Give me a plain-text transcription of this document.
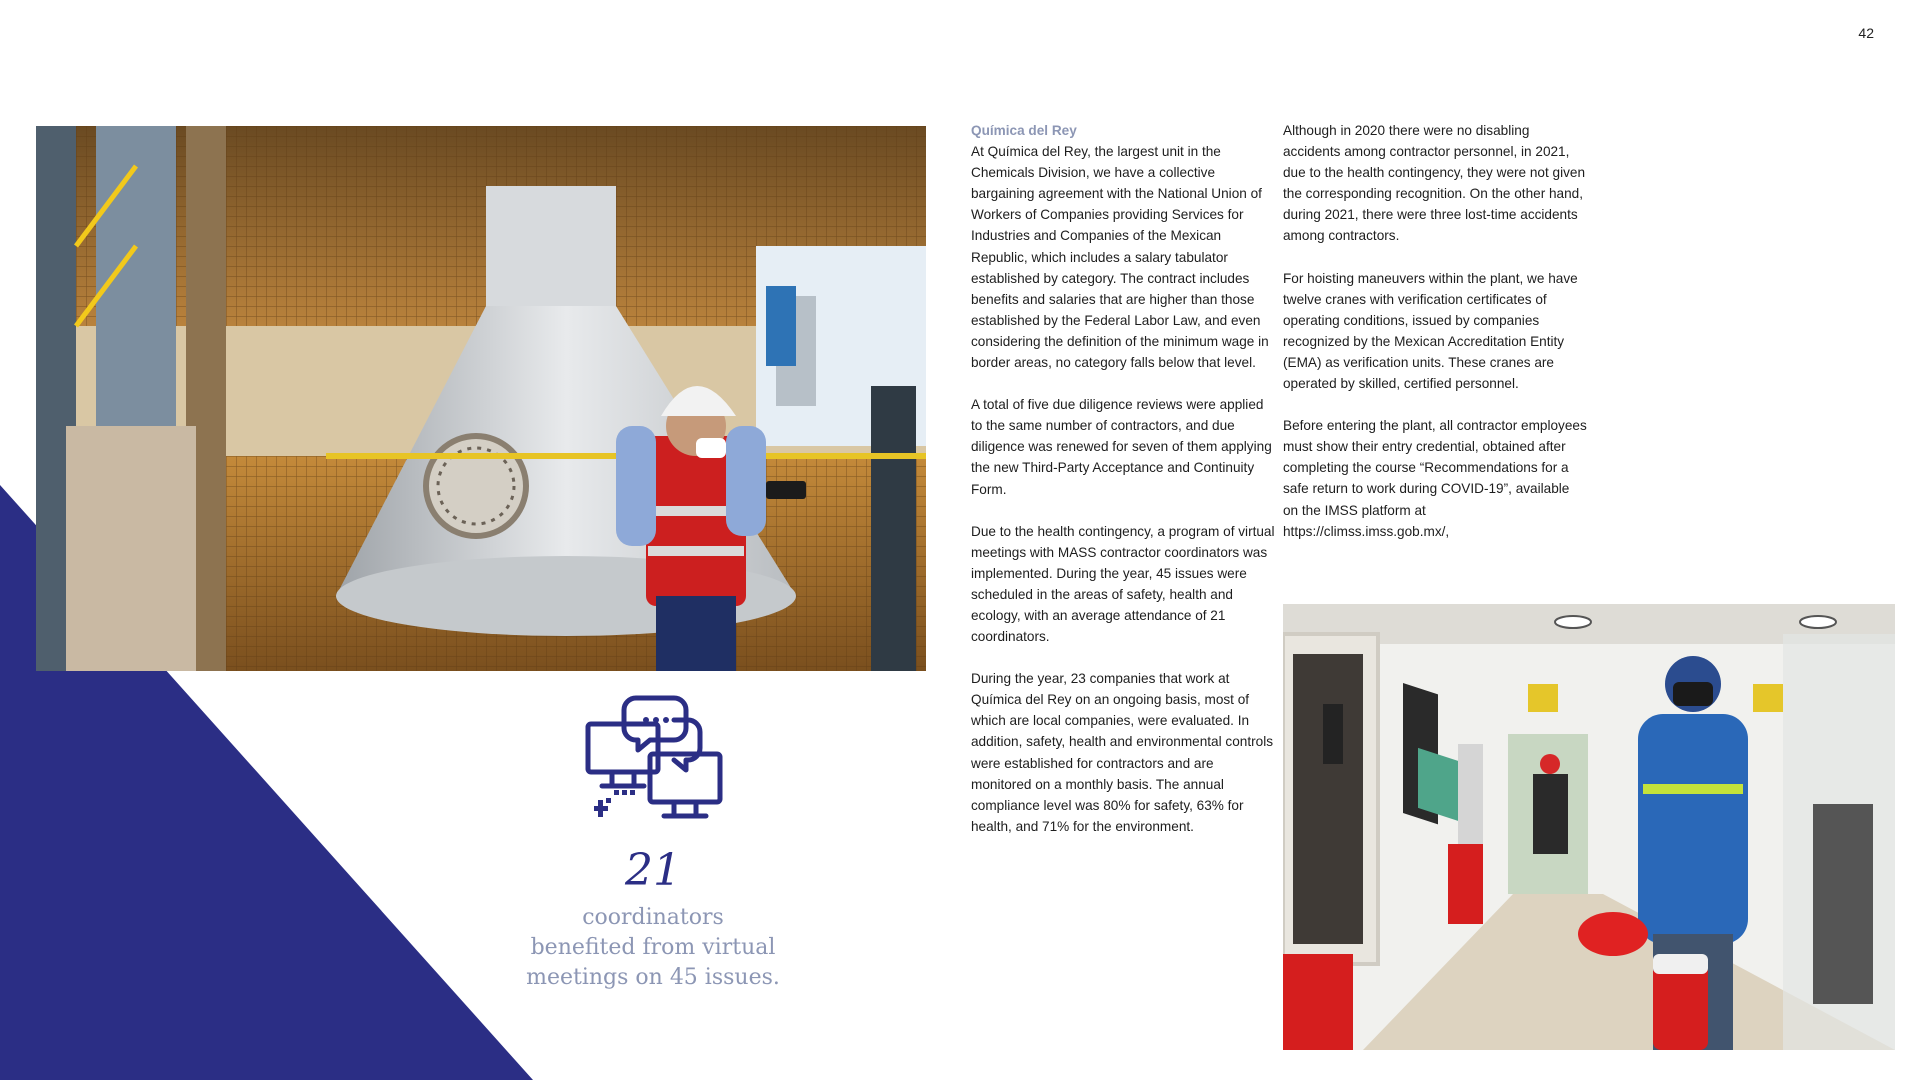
42
21
coordinators
benefited from virtual
meetings on 45 issues.
Química del Rey

At Química del Rey, the largest unit in the Chemicals Division, we have a collective bargaining agreement with the National Union of Workers of Companies providing Services for Industries and Companies of the Mexican Republic, which includes a salary tabulator established by category. The contract includes benefits and salaries that are higher than those established by the Federal Labor Law, and even considering the definition of the minimum wage in border areas, no category falls below that level.

A total of five due diligence reviews were applied to the same number of contractors, and due diligence was renewed for seven of them applying the new Third-Party Acceptance and Continuity Form.

Due to the health contingency, a program of virtual meetings with MASS contractor coordinators was implemented. During the year, 45 issues were scheduled in the areas of safety, health and ecology, with an average attendance of 21 coordinators.

During the year, 23 companies that work at Química del Rey on an ongoing basis, most of which are local companies, were evaluated. In addition, safety, health and environmental controls were established for contractors and are monitored on a monthly basis. The annual compliance level was 80% for safety, 63% for health, and 71% for the environment.

Although in 2020 there were no disabling accidents among contractor personnel, in 2021, due to the health contingency, they were not given the corresponding recognition. On the other hand, during 2021, there were three lost-time accidents among contractors.

For hoisting maneuvers within the plant, we have twelve cranes with verification certificates of operating conditions, issued by companies recognized by the Mexican Accreditation Entity (EMA) as verification units. These cranes are operated by skilled, certified personnel.

Before entering the plant, all contractor employees must show their entry credential, obtained after completing the course “Recommendations for a safe return to work during COVID-19”, available on the IMSS platform at https://climss.imss.gob.mx/,
